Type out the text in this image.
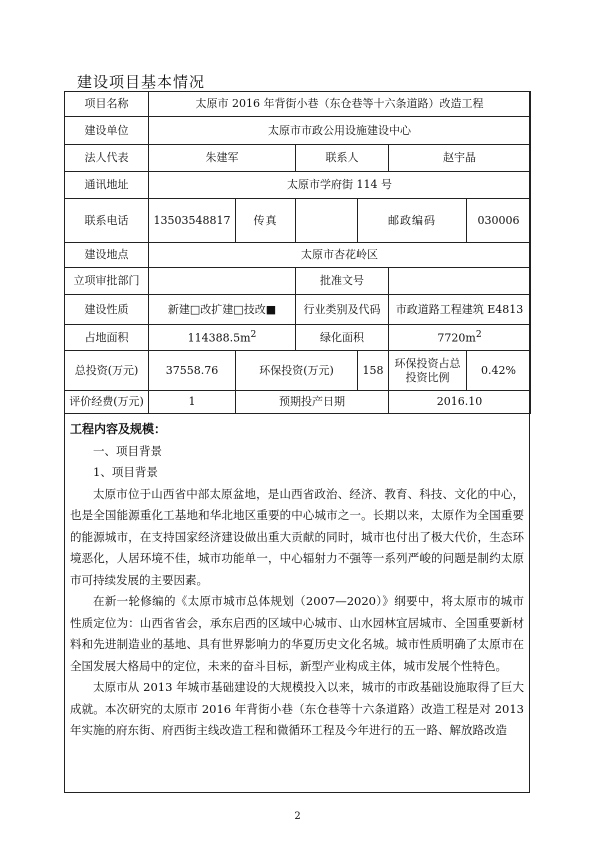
建设项目基本情况
项目名称	太原市 2016 年背街小巷（东仓巷等十六条道路）改造工程					
建设单位	太原市市政公用设施建设中心					
法人代表	朱建军		联系人		赵宇晶	
通讯地址	太原市学府街 114 号					
联系电话	13503548817	传真		邮政编码		030006
建设地点	太原市杏花岭区					
立项审批部门			批准文号			
建设性质	新建□改扩建□技改■		行业类别及代码		市政道路工程建筑 E4813	
占地面积	$114388.5m^2$		绿化面积		$7720m^2$
总投资(万元)	37558.76	环保投资(万元)		158	环保投资占总投资比例	0.42%
评价经费(万元)	1	预期投产日期			2016.10	

工程内容及规模：

一、项目背景

1、项目背景

太原市位于山西省中部太原盆地，是山西省政治、经济、教育、科技、文化的中心，也是全国能源重化工基地和华北地区重要的中心城市之一。长期以来，太原作为全国重要的能源城市，在支持国家经济建设做出重大贡献的同时，城市也付出了极大代价，生态环境恶化，人居环境不佳，城市功能单一，中心辐射力不强等一系列严峻的问题是制约太原市可持续发展的主要因素。

在新一轮修编的《太原市城市总体规划（2007—2020）》纲要中，将太原市的城市性质定位为：山西省省会，承东启西的区域中心城市、山水园林宜居城市、全国重要新材料和先进制造业的基地、具有世界影响力的华夏历史文化名城。城市性质明确了太原市在全国发展大格局中的定位，未来的奋斗目标，新型产业构成主体，城市发展个性特色。

太原市从 2013 年城市基础建设的大规模投入以来，城市的市政基础设施取得了巨大成就。本次研究的太原市 2016 年背街小巷（东仓巷等十六条道路）改造工程是对 2013 年实施的府东街、府西街主线改造工程和微循环工程及今年进行的五一路、解放路改造

2
